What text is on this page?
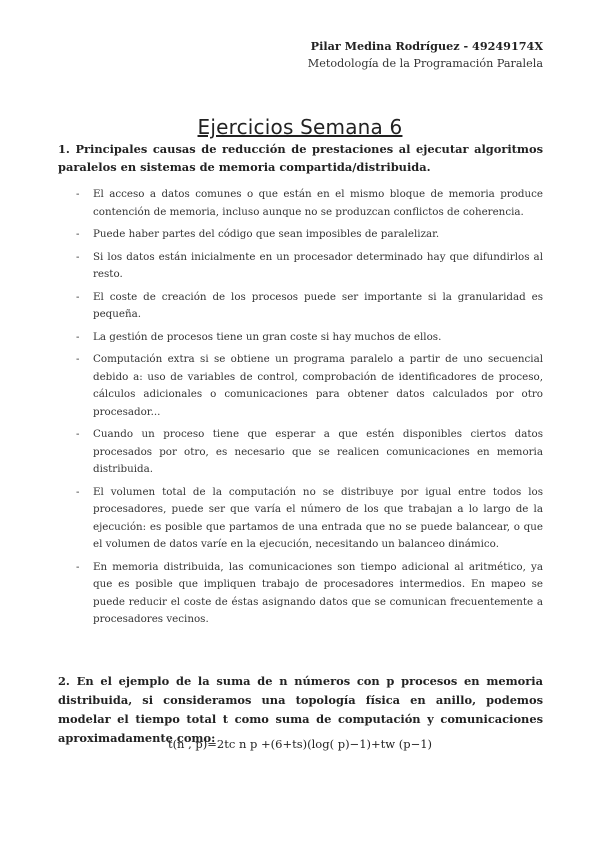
Pilar Medina Rodríguez - 49249174X
Metodología de la Programación Paralela
Ejercicios Semana 6
1. Principales causas de reducción de prestaciones al ejecutar algoritmos paralelos en sistemas de memoria compartida/distribuida.
- El acceso a datos comunes o que están en el mismo bloque de memoria produce contención de memoria, incluso aunque no se produzcan conflictos de coherencia.
- Puede haber partes del código que sean imposibles de paralelizar.
- Si los datos están inicialmente en un procesador determinado hay que difundirlos al resto.
- El coste de creación de los procesos puede ser importante si la granularidad es pequeña.
- La gestión de procesos tiene un gran coste si hay muchos de ellos.
- Computación extra si se obtiene un programa paralelo a partir de uno secuencial debido a: uso de variables de control, comprobación de identificadores de proceso, cálculos adicionales o comunicaciones para obtener datos calculados por otro procesador...
- Cuando un proceso tiene que esperar a que estén disponibles ciertos datos procesados por otro, es necesario que se realicen comunicaciones en memoria distribuida.
- El volumen total de la computación no se distribuye por igual entre todos los procesadores, puede ser que varía el número de los que trabajan a lo largo de la ejecución: es posible que partamos de una entrada que no se puede balancear, o que el volumen de datos varíe en la ejecución, necesitando un balanceo dinámico.
- En memoria distribuida, las comunicaciones son tiempo adicional al aritmético, ya que es posible que impliquen trabajo de procesadores intermedios. En mapeo se puede reducir el coste de éstas asignando datos que se comunican frecuentemente a procesadores vecinos.
2. En el ejemplo de la suma de n números con p procesos en memoria distribuida, si consideramos una topología física en anillo, podemos modelar el tiempo total t como suma de computación y comunicaciones aproximadamente como:
t(n , p)=2tc n p +(6+ts)(log( p)−1)+tw (p−1)
